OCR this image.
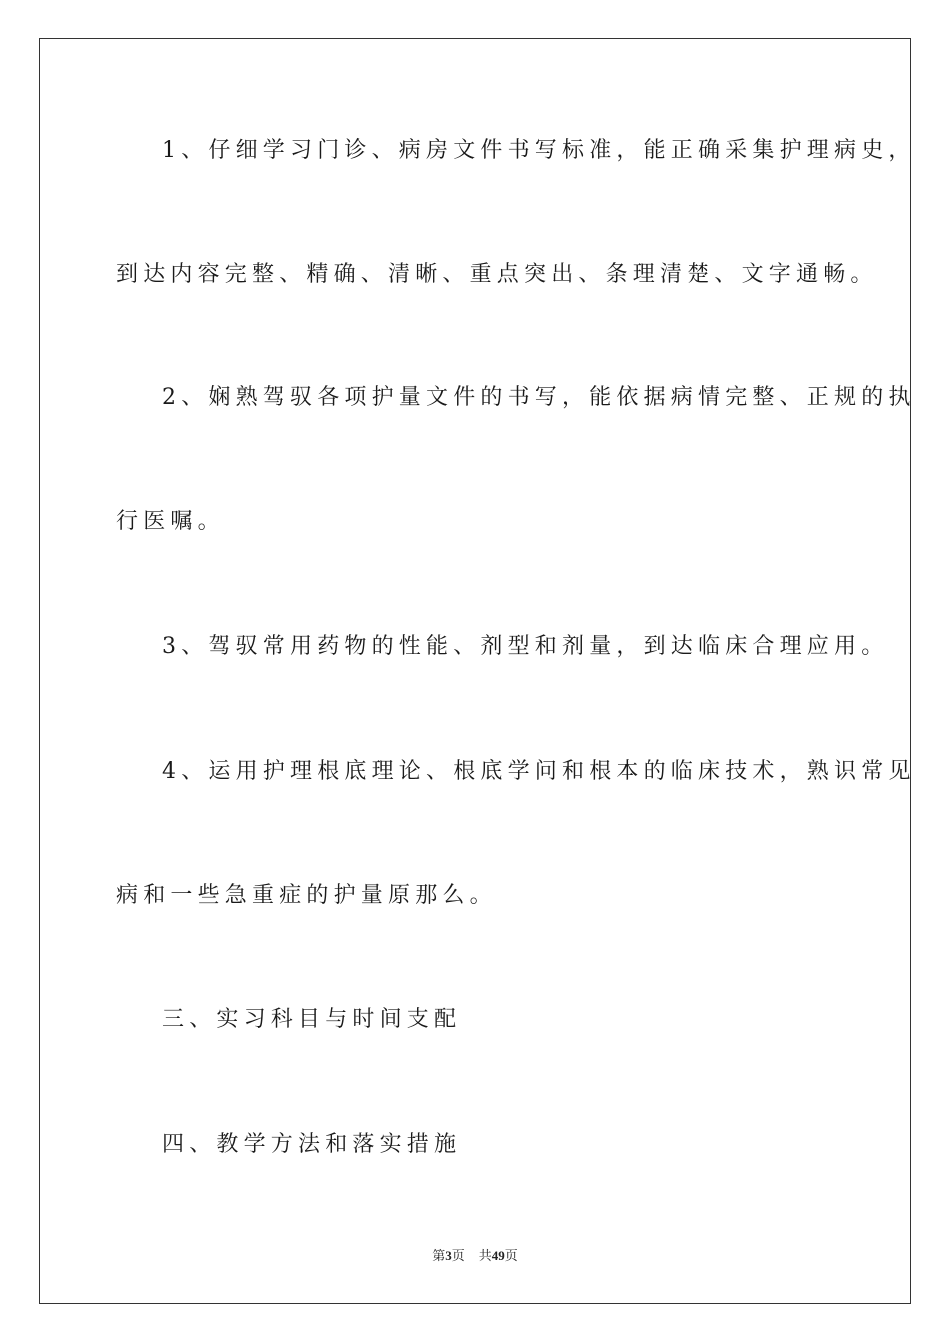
1、仔细学习门诊、病房文件书写标准，能正确采集护理病史，
到达内容完整、精确、清晰、重点突出、条理清楚、文字通畅。
2、娴熟驾驭各项护量文件的书写，能依据病情完整、正规的执
行医嘱。
3、驾驭常用药物的性能、剂型和剂量，到达临床合理应用。
4、运用护理根底理论、根底学问和根本的临床技术，熟识常见
病和一些急重症的护量原那么。
三、实习科目与时间支配
四、教学方法和落实措施
第3页 共49页
